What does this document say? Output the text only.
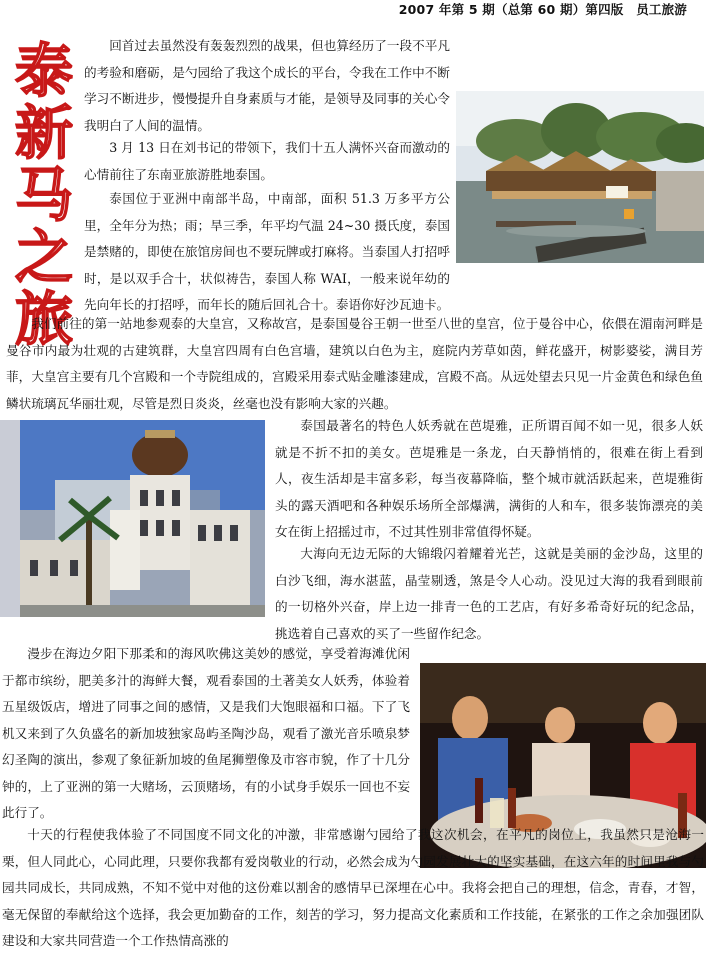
2007 年第 5 期（总第 60 期）第四版　员工旅游
泰
新
马
之
旅

回首过去虽然没有轰轰烈烈的战果，但也算经历了一段不平凡的考验和磨砺，是勺园给了我这个成长的平台，令我在工作中不断学习不断进步，慢慢提升自身素质与才能，是领导及同事的关心令我明白了人间的温情。

3 月 13 日在刘书记的带领下，我们十五人满怀兴奋而激动的心情前往了东南亚旅游胜地泰国。

泰国位于亚洲中南部半岛，中南部，面积 51.3 万多平方公里，全年分为热；雨；旱三季，年平均气温 24~30 摄氏度，泰国是禁赌的，即使在旅馆房间也不要玩牌或打麻将。当泰国人打招呼时，是以双手合十，状似祷告，泰国人称 WAI，一般来说年幼的先向年长的打招呼，而年长的随后回礼合十。泰语你好沙瓦迪卡。

我们前往的第一站地参观泰的大皇宫，又称故宫，是泰国曼谷王朝一世至八世的皇宫，位于曼谷中心，依偎在湄南河畔是曼谷市内最为壮观的古建筑群，大皇宫四周有白色宫墙，建筑以白色为主，庭院内芳草如茵，鲜花盛开，树影婆娑，满目芳菲，大皇宫主要有几个宫殿和一个寺院组成的，宫殿采用泰式贴金雕漆建成，宫殿不高。从远处望去只见一片金黄色和绿色鱼鳞状琉璃瓦华丽壮观，尽管是烈日炎炎，丝毫也没有影响大家的兴趣。

泰国最著名的特色人妖秀就在芭堤雅，正所谓百闻不如一见，很多人妖就是不折不扣的美女。芭堤雅是一条龙，白天静悄悄的，很难在街上看到人，夜生活却是丰富多彩，每当夜幕降临，整个城市就活跃起来，芭堤雅街头的露天酒吧和各种娱乐场所全部爆满，满街的人和车，很多装饰漂亮的美女在街上招摇过市，不过其性别非常值得怀疑。

大海向无边无际的大锦缎闪着耀着光芒，这就是美丽的金沙岛，这里的白沙飞细，海水湛蓝，晶莹剔透，煞是令人心动。没见过大海的我看到眼前的一切格外兴奋，岸上边一排青一色的工艺店，有好多希奇好玩的纪念品，挑选着自己喜欢的买了一些留作纪念。

漫步在海边夕阳下那柔和的海风吹佛这美妙的感觉，享受着海滩优闲于都市缤纷，肥美多汁的海鲜大餐，观看泰国的土著美女人妖秀，体验着五星级饭店，增进了同事之间的感情，又是我们大饱眼福和口福。下了飞机又来到了久负盛名的新加坡独家岛屿圣陶沙岛，观看了激光音乐喷泉梦幻圣陶的演出，参观了象征新加坡的鱼尾狮塑像及市容市貌，作了十几分钟的，上了亚洲的第一大赌场，云顶赌场，有的小试身手娱乐一回也不妄此行了。

十天的行程使我体验了不同国度不同文化的冲激，非常感谢勺园给了我这次机会，在平凡的岗位上，我虽然只是沧海一栗，但人同此心，心同此理，只要你我都有爱岗敬业的行动，必然会成为勺园发展壮大的坚实基础，在这六年的时间里我与勺园共同成长，共同成熟，不知不觉中对他的这份难以割舍的感情早已深埋在心中。我将会把自己的理想，信念，青春，才智，毫无保留的奉献给这个选择，我会更加勤奋的工作，刻苦的学习，努力提高文化素质和工作技能，在紧张的工作之余加强团队建设和大家共同营造一个工作热情高涨的
